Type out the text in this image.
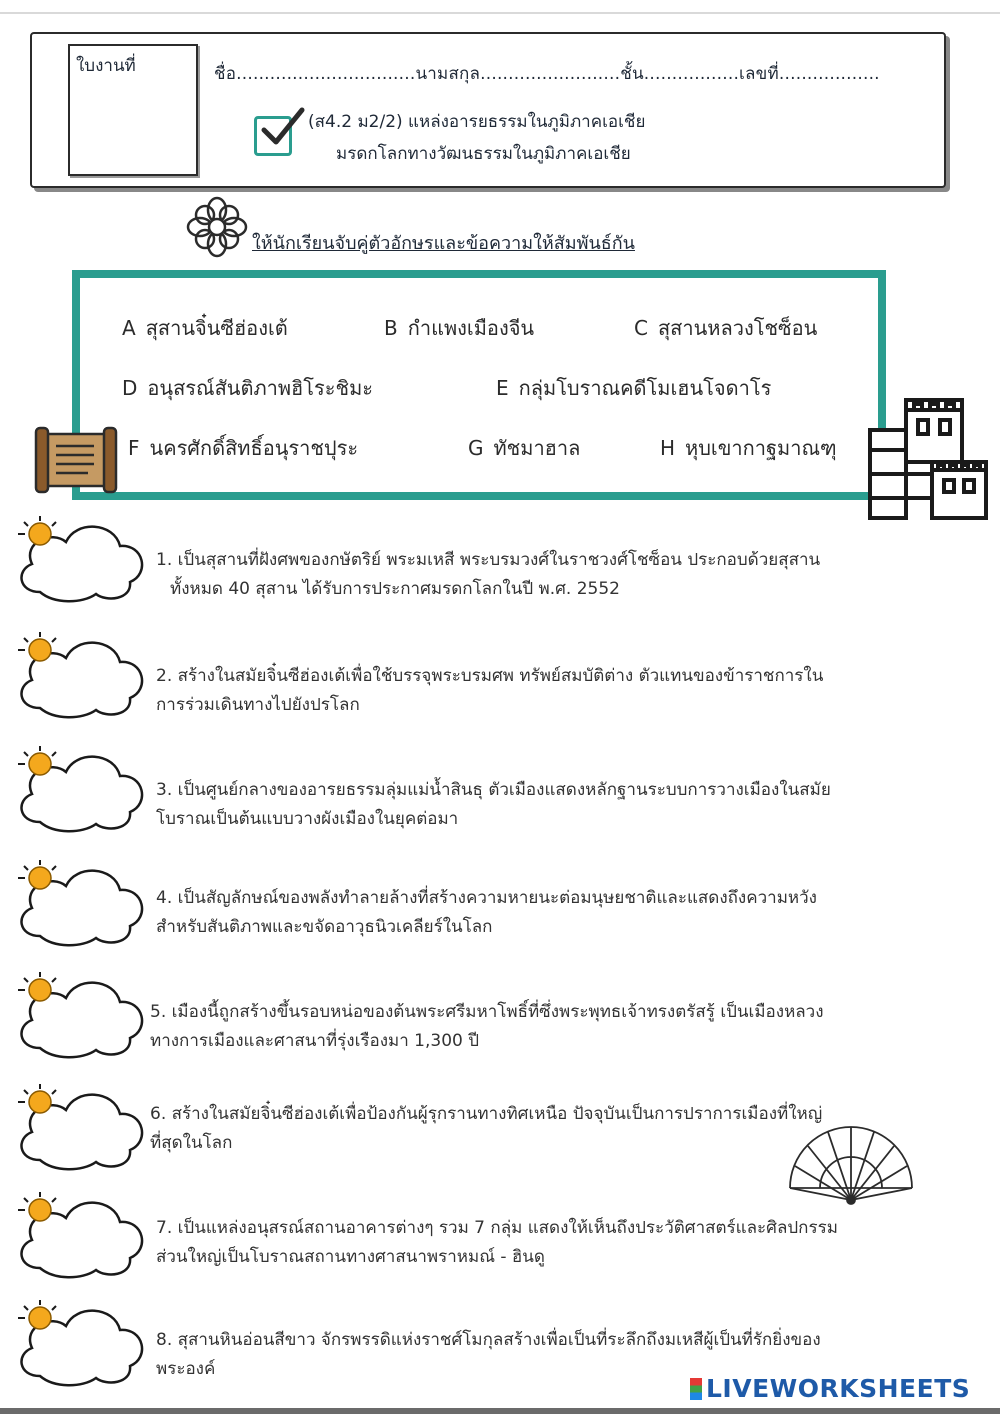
ใบงานที่	ชื่อ................................นามสกุล.........................ชั้น.................เลขที่..................
(ส4.2 ม2/2) แหล่งอารยธรรมในภูมิภาคเอเชีย
มรดกโลกทางวัฒนธรรมในภูมิภาคเอเชีย
ให้นักเรียนจับคู่ตัวอักษรและข้อความให้สัมพันธ์กัน
A สุสานจิ๋นซีฮ่องเต้	B กำแพงเมืองจีน	C สุสานหลวงโชซ็อน
D อนุสรณ์สันติภาพฮิโระชิมะ	E กลุ่มโบราณคดีโมเฮนโจดาโร
F นครศักดิ์สิทธิ์อนุราชปุระ	G ทัชมาฮาล	H หุบเขากาฐมาณฑุ
1. เป็นสุสานที่ฝังศพของกษัตริย์ พระมเหสี พระบรมวงศ์ในราชวงศ์โชซ็อน ประกอบด้วยสุสาน
ทั้งหมด 40 สุสาน ได้รับการประกาศมรดกโลกในปี พ.ศ. 2552
2. สร้างในสมัยจิ๋นซีฮ่องเต้เพื่อใช้บรรจุพระบรมศพ ทรัพย์สมบัติต่าง ตัวแทนของข้าราชการใน
การร่วมเดินทางไปยังปรโลก
3. เป็นศูนย์กลางของอารยธรรมลุ่มแม่น้ำสินธุ ตัวเมืองแสดงหลักฐานระบบการวางเมืองในสมัย
โบราณเป็นต้นแบบวางผังเมืองในยุคต่อมา
4. เป็นสัญลักษณ์ของพลังทำลายล้างที่สร้างความหายนะต่อมนุษยชาติและแสดงถึงความหวัง
สำหรับสันติภาพและขจัดอาวุธนิวเคลียร์ในโลก
5. เมืองนี้ถูกสร้างขึ้นรอบหน่อของต้นพระศรีมหาโพธิ์ที่ซึ่งพระพุทธเจ้าทรงตรัสรู้ เป็นเมืองหลวง
ทางการเมืองและศาสนาที่รุ่งเรืองมา 1,300 ปี
6. สร้างในสมัยจิ๋นซีฮ่องเต้เพื่อป้องกันผู้รุกรานทางทิศเหนือ ปัจจุบันเป็นการปราการเมืองที่ใหญ่
ที่สุดในโลก
7. เป็นแหล่งอนุสรณ์สถานอาคารต่างๆ รวม 7 กลุ่ม แสดงให้เห็นถึงประวัติศาสตร์และศิลปกรรม
ส่วนใหญ่เป็นโบราณสถานทางศาสนาพราหมณ์ - ฮินดู
8. สุสานหินอ่อนสีขาว จักรพรรดิแห่งราชศ์โมกุลสร้างเพื่อเป็นที่ระลึกถึงมเหสีผู้เป็นที่รักยิ่งของ
พระองค์
LIVEWORKSHEETS
